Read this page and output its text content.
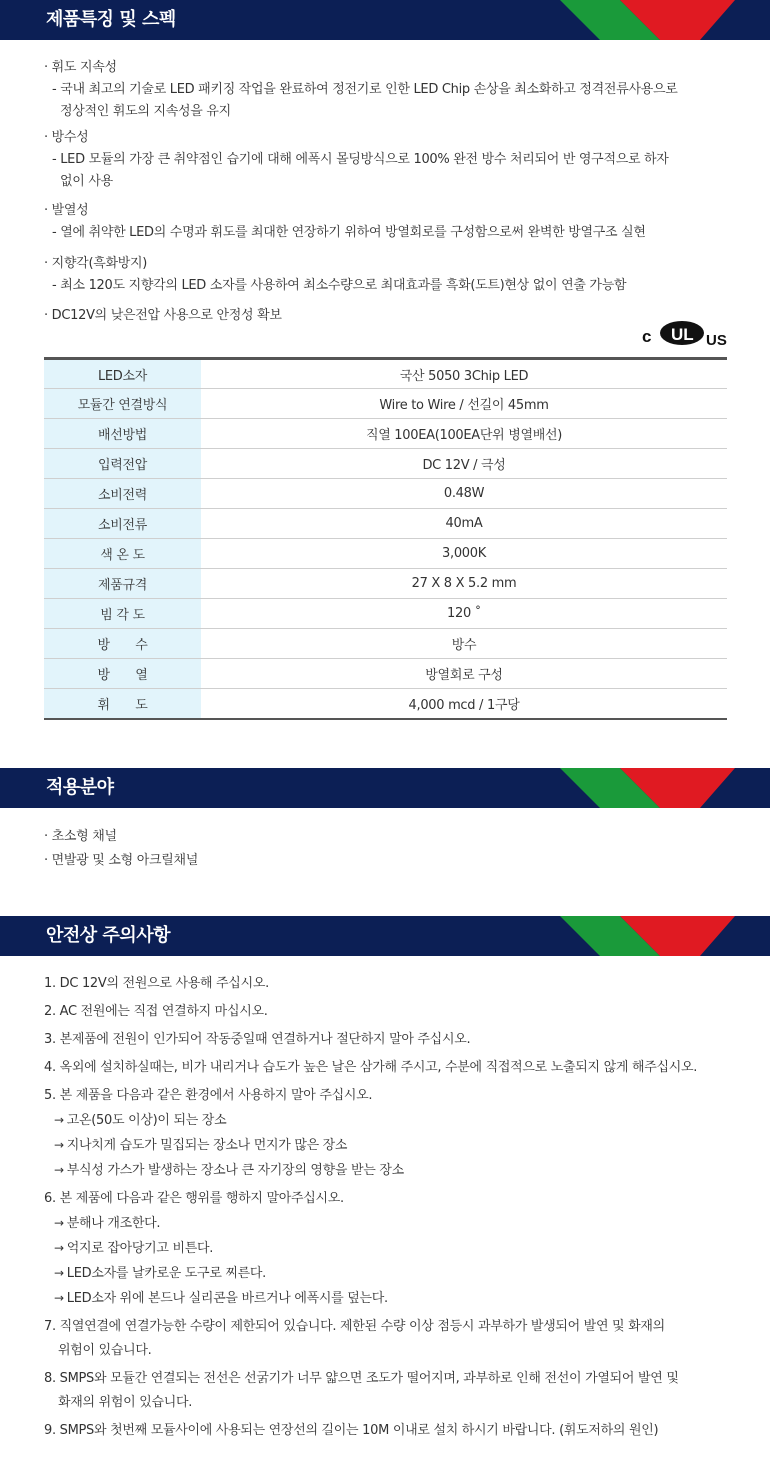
제품특징 및 스펙
· 휘도 지속성
- 국내 최고의 기술로 LED 패키징 작업을 완료하여 정전기로 인한 LED Chip 손상을 최소화하고 정격전류사용으로
정상적인 휘도의 지속성을 유지
· 방수성
- LED 모듈의 가장 큰 취약점인 습기에 대해 에폭시 몰딩방식으로 100% 완전 방수 처리되어 반 영구적으로 하자
없이 사용
· 발열성
- 열에 취약한 LED의 수명과 휘도를 최대한 연장하기 위하여 방열회로를 구성함으로써 완벽한 방열구조 실현
· 지향각(흑화방지)
- 최소 120도 지향각의 LED 소자를 사용하여 최소수량으로 최대효과를 흑화(도트)현상 없이 연출 가능함
· DC12V의 낮은전압 사용으로 안정성 확보
c UL US
LED소자	국산 5050 3Chip LED
모듈간 연결방식	Wire to Wire / 선길이 45mm
배선방법	직열 100EA(100EA단위 병열배선)
입력전압	DC 12V / 극성
소비전력	0.48W
소비전류	40mA
색 온 도	3,000K
제품규격	27 X 8 X 5.2 mm
빔 각 도	120 ˚
방　　수	방수
방　　열	방열회로 구성
휘　　도	4,000 mcd / 1구당
적용분야
· 초소형 채널
· 면발광 및 소형 아크릴채널
안전상 주의사항
1. DC 12V의 전원으로 사용해 주십시오.
2. AC 전원에는 직접 연결하지 마십시오.
3. 본제품에 전원이 인가되어 작동중일때 연결하거나 절단하지 말아 주십시오.
4. 옥외에 설치하실때는, 비가 내리거나 습도가 높은 날은 삼가해 주시고, 수분에 직접적으로 노출되지 않게 해주십시오.
5. 본 제품을 다음과 같은 환경에서 사용하지 말아 주십시오.
→ 고온(50도 이상)이 되는 장소
→ 지나치게 습도가 밀집되는 장소나 먼지가 많은 장소
→ 부식성 가스가 발생하는 장소나 큰 자기장의 영향을 받는 장소
6. 본 제품에 다음과 같은 행위를 행하지 말아주십시오.
→ 분해나 개조한다.
→ 억지로 잡아당기고 비튼다.
→ LED소자를 날카로운 도구로 찌른다.
→ LED소자 위에 본드나 실리콘을 바르거나 에폭시를 덮는다.
7. 직열연결에 연결가능한 수량이 제한되어 있습니다. 제한된 수량 이상 점등시 과부하가 발생되어 발연 및 화재의
위험이 있습니다.
8. SMPS와 모듈간 연결되는 전선은 선굵기가 너무 얇으면 조도가 떨어지며, 과부하로 인해 전선이 가열되어 발연 및
화재의 위험이 있습니다.
9. SMPS와 첫번째 모듈사이에 사용되는 연장선의 길이는 10M 이내로 설치 하시기 바랍니다. (휘도저하의 원인)
